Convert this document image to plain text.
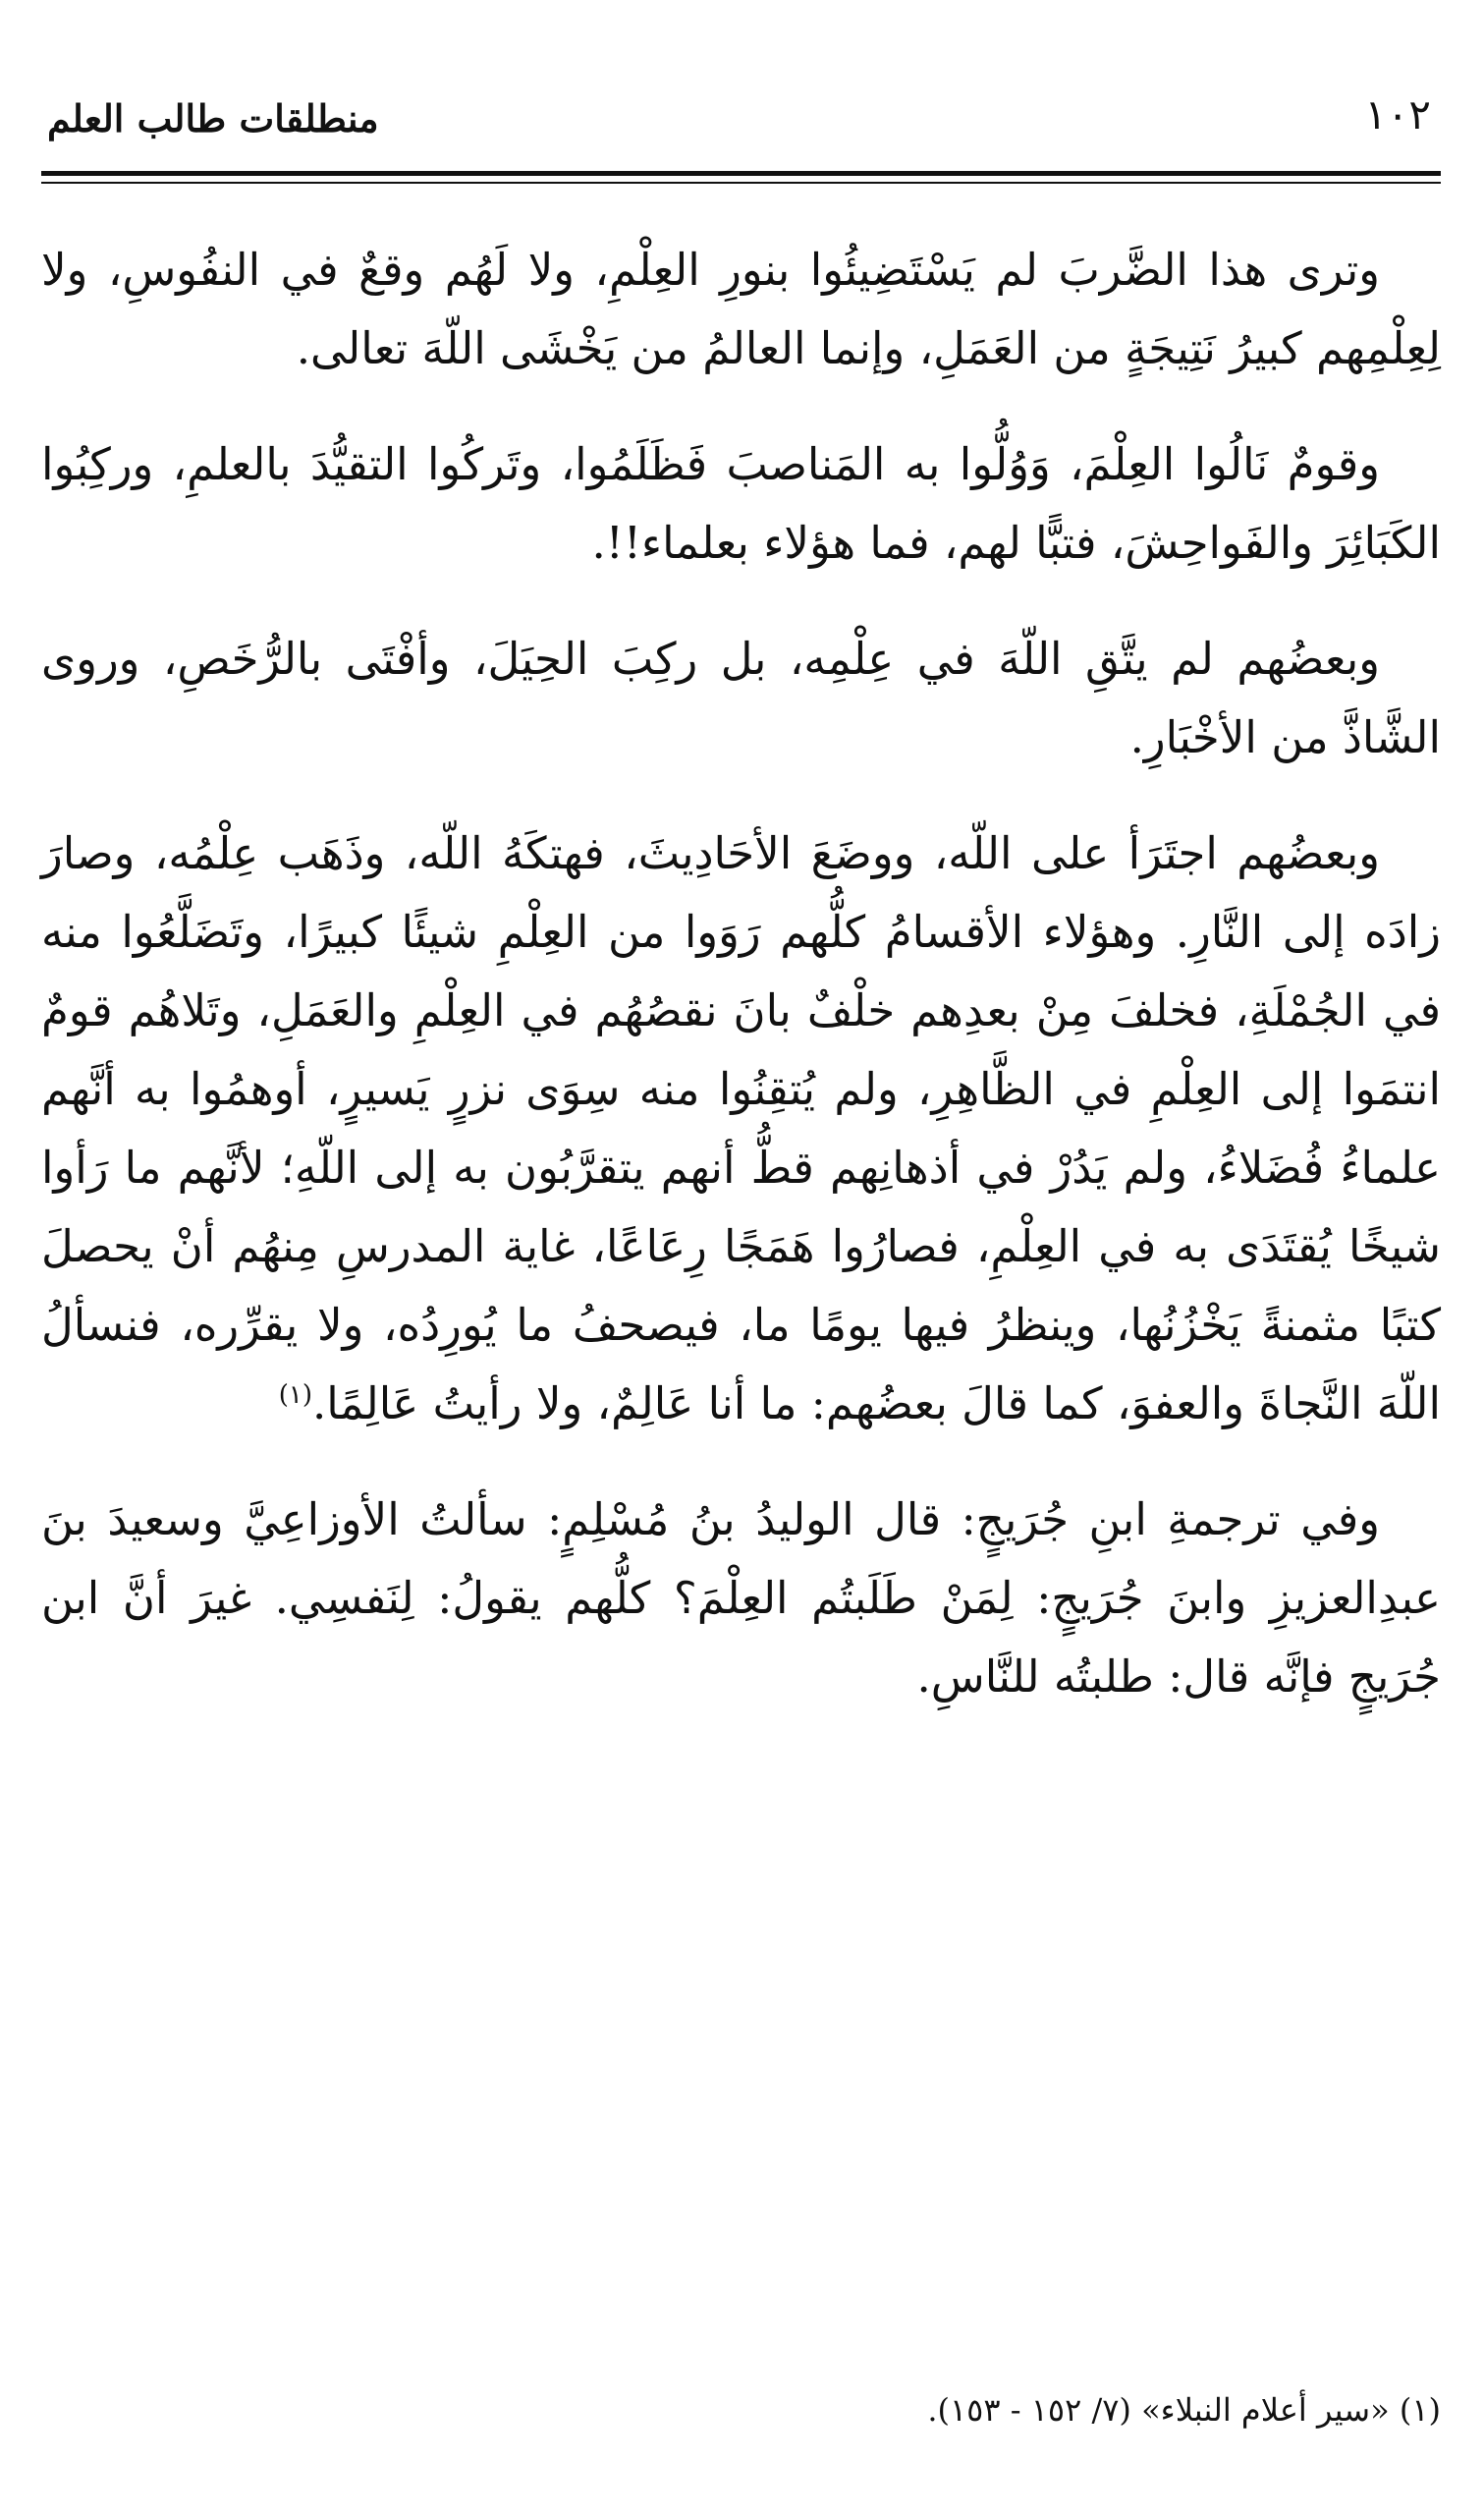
منطلقات طالب العلم	١٠٢

وترى هذا الضَّربَ لم يَسْتَضِيئُوا بنورِ العِلْمِ، ولا لَهُم وقعٌ في النفُوسِ، ولا لِعِلْمِهم كبيرُ نَتِيجَةٍ من العَمَلِ، وإنما العالمُ من يَخْشَى اللّهَ تعالى.

وقومٌ نَالُوا العِلْمَ، وَوُلُّوا به المَناصبَ فَظَلَمُوا، وتَركُوا التقيُّدَ بالعلمِ، وركِبُوا الكَبَائِرَ والفَواحِشَ، فتبًّا لهم، فما هؤلاء بعلماء!!.

وبعضُهم لم يتَّقِ اللّهَ في عِلْمِه، بل ركِبَ الحِيَلَ، وأفْتَى بالرُّخَصِ، وروى الشَّاذَّ من الأخْبَارِ.

وبعضُهم اجتَرَأ على اللّه، ووضَعَ الأحَادِيثَ، فهتكَهُ اللّه، وذَهَب عِلْمُه، وصارَ زادَه إلى النَّارِ. وهؤلاء الأقسامُ كلُّهم رَوَوا من العِلْمِ شيئًا كبيرًا، وتَضَلَّعُوا منه في الجُمْلَةِ، فخلفَ مِنْ بعدِهم خلْفٌ بانَ نقصُهُم في العِلْمِ والعَمَلِ، وتَلاهُم قومٌ انتمَوا إلى العِلْمِ في الظَّاهِرِ، ولم يُتقِنُوا منه سِوَى نزرٍ يَسيرٍ، أوهمُوا به أنَّهم علماءُ فُضَلاءُ، ولم يَدُرْ في أذهانِهم قطُّ أنهم يتقرَّبُون به إلى اللّهِ؛ لأنَّهم ما رَأوا شيخًا يُقتَدَى به في العِلْمِ، فصارُوا هَمَجًا رِعَاعًا، غاية المدرسِ مِنهُم أنْ يحصلَ كتبًا مثمنةً يَخْزُنُها، وينظرُ فيها يومًا ما، فيصحفُ ما يُورِدُه، ولا يقرِّره، فنسألُ اللّهَ النَّجاةَ والعفوَ، كما قالَ بعضُهم: ما أنا عَالِمٌ، ولا رأيتُ عَالِمًا.$^{(١)}$

وفي ترجمةِ ابنِ جُرَيجٍ: قال الوليدُ بنُ مُسْلِمٍ: سألتُ الأوزاعِيَّ وسعيدَ بنَ عبدِالعزيزِ وابنَ جُرَيجٍ: لِمَنْ طَلَبتُم العِلْمَ؟ كلُّهم يقولُ: لِنَفسِي. غيرَ أنَّ ابن جُرَيجٍ فإنَّه قال: طلبتُه للنَّاسِ.

(١) «سير أعلام النبلاء» (٧/ ١٥٢ - ١٥٣).
